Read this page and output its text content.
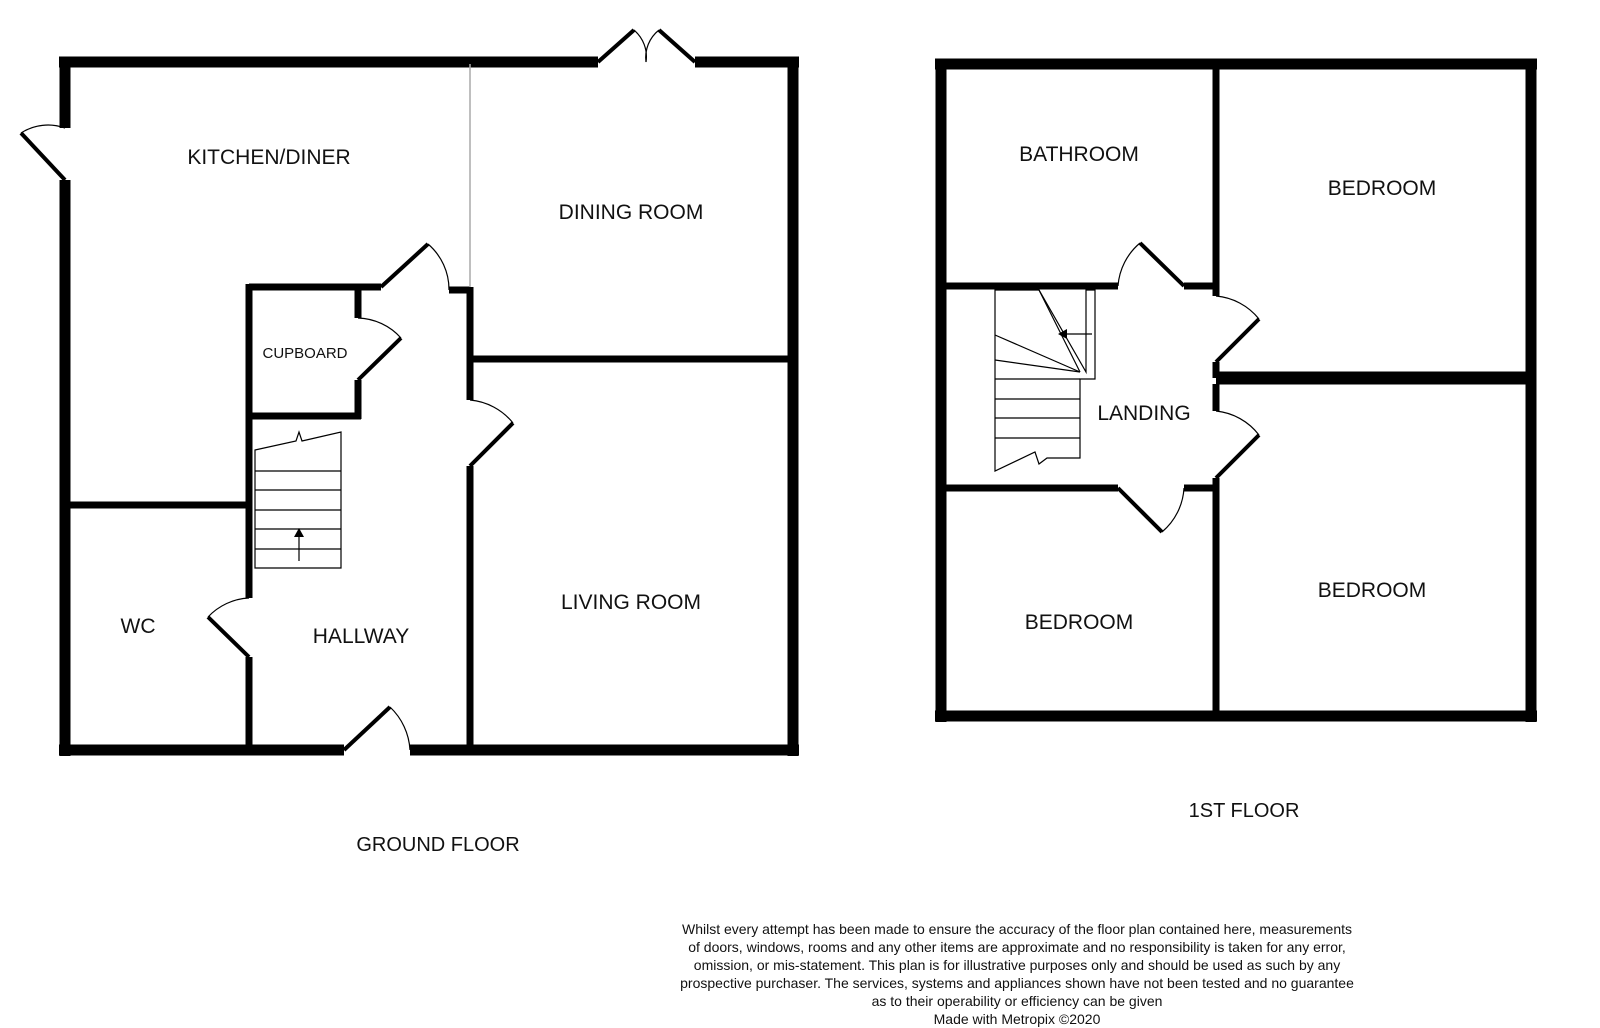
KITCHEN/DINER
DINING ROOM
CUPBOARD
LIVING ROOM
WC	HALLWAY
GROUND FLOOR
BATHROOM
BEDROOM
LANDING
BEDROOM
BEDROOM
1ST FLOOR
Whilst every attempt has been made to ensure the accuracy of the floor plan contained here, measurements
of doors, windows, rooms and any other items are approximate and no responsibility is taken for any error,
omission, or mis-statement. This plan is for illustrative purposes only and should be used as such by any
prospective purchaser. The services, systems and appliances shown have not been tested and no guarantee
as to their operability or efficiency can be given
Made with Metropix ©2020
